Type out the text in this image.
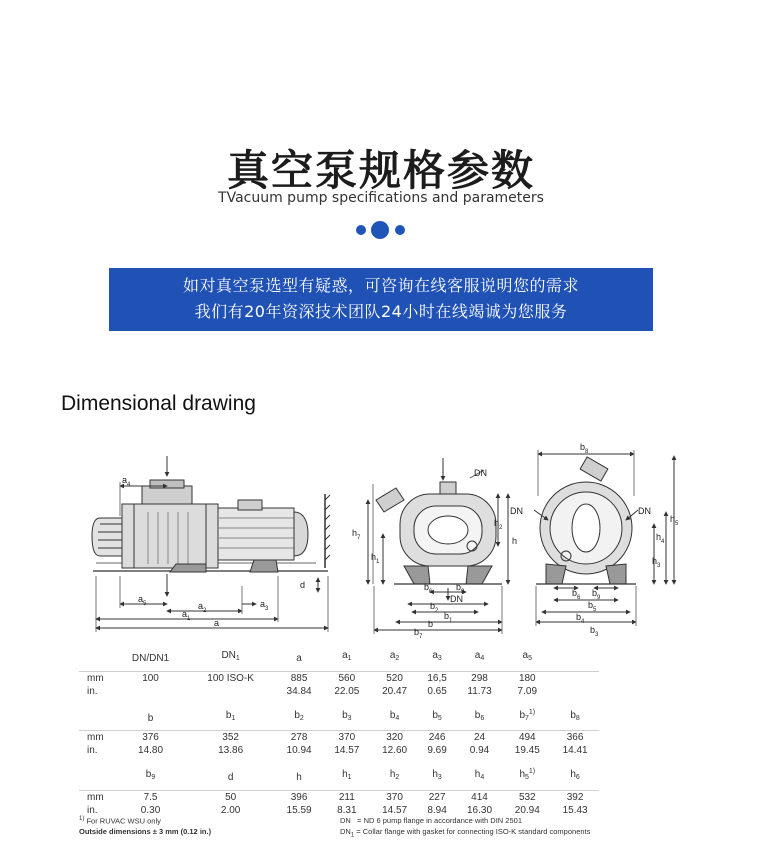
真空泵规格参数
TVacuum pump specifications and parameters
如对真空泵选型有疑惑，可咨询在线客服说明您的需求
我们有20年资深技术团队24小时在线竭诚为您服务
Dimensional drawing
$a_4$
d
$a_5$	$a_2$
$a_3$
$a_1$	a
DN
$h_7$
$h_1$
h
$h_2$
$b_6$	$b_9$
DN
$b_2$ $b_1$
b
$b_7$
$b_8$
DN	DN
$h_5$
$h_4$
$h_3$
$b_6$ $b_9$
$b_5$
$b_4$
$b_3$
	DN/DN1	$DN_1$	a	$a_1$	$a_2$	$a_3$	$a_4$	$a_5$	

mm	100	100 ISO-K	885	560	520	16,5	298	180	
in.			34.84	22.05	20.47	0.65	11.73	7.09	

	b	$b_1$	$b_2$	$b_3$	$b_4$	$b_5$	$b_6$	$b_7^{1)}$	$b_8$

mm	376	352	278	370	320	246	24	494	366
in.	14.80	13.86	10.94	14.57	12.60	9.69	0.94	19.45	14.41

	$b_9$	d	h	$h_1$	$h_2$	$h_3$	$h_4$	$h_5^{1)}$	$h_6$

mm	7.5	50	396	211	370	227	414	532	392
in.	0.30	2.00	15.59	8.31	14.57	8.94	16.30	20.94	15.43
$^{1)}$ For RUVAC WSU only
Outside dimensions ± 3 mm (0.12 in.)
DN = ND 6 pump flange in accordance with DIN 2501
$DN_1$ = Collar flange with gasket for connecting ISO-K standard components
